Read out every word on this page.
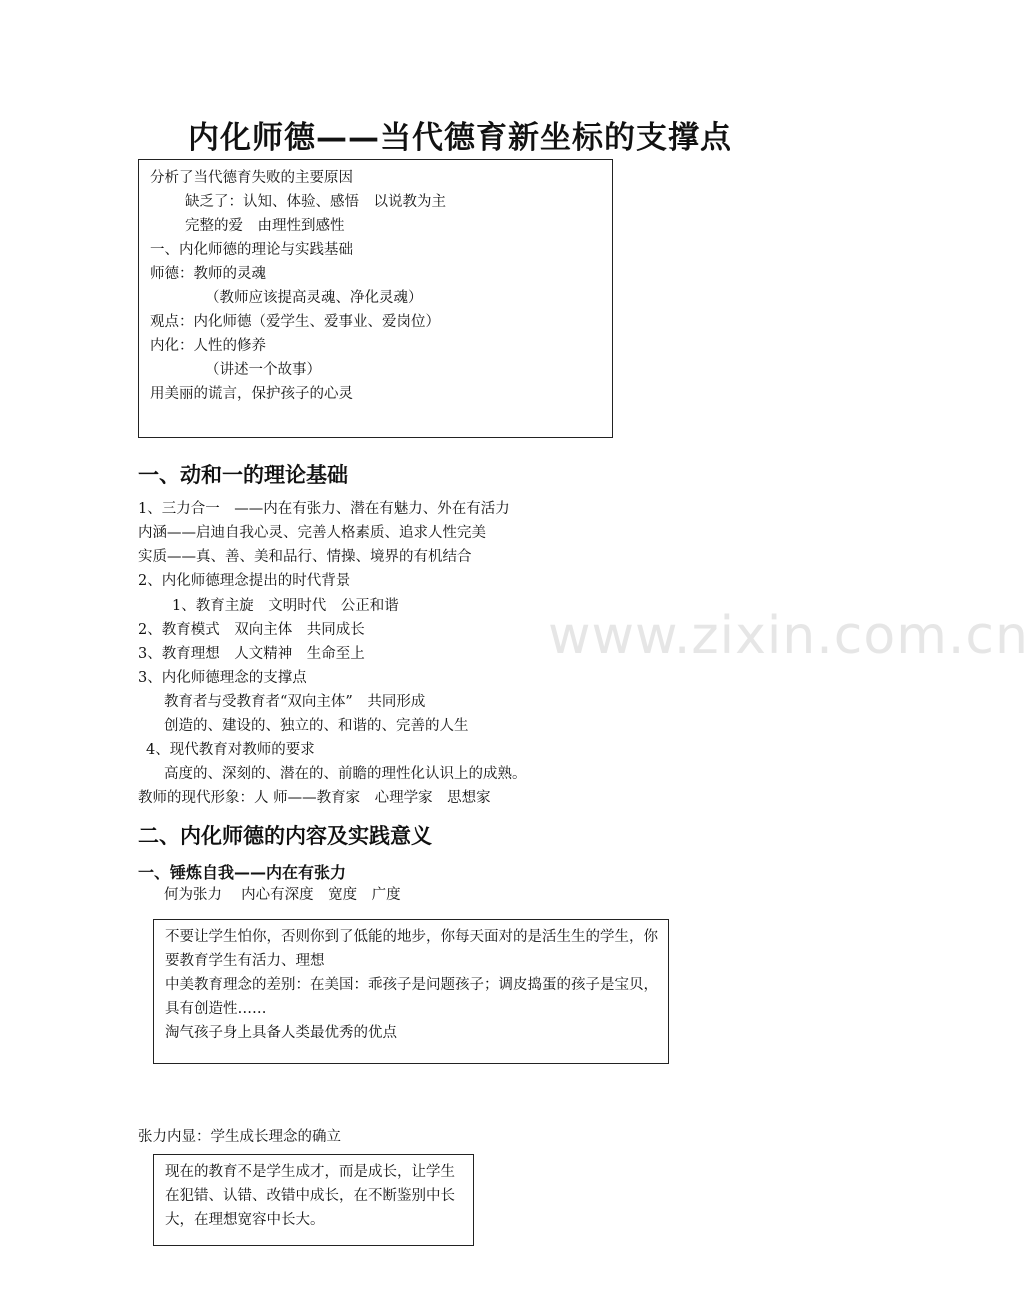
内化师德——当代德育新坐标的支撑点
分析了当代德育失败的主要原因
缺乏了：认知、体验、感悟　以说教为主
完整的爱　由理性到感性
一、内化师德的理论与实践基础
师德：教师的灵魂
（教师应该提高灵魂、净化灵魂）
观点：内化师德（爱学生、爱事业、爱岗位）
内化：人性的修养
（讲述一个故事）
用美丽的谎言，保护孩子的心灵
一、动和一的理论基础
1、三力合一　——内在有张力、潜在有魅力、外在有活力
内涵——启迪自我心灵、完善人格素质、追求人性完美
实质——真、善、美和品行、情操、境界的有机结合
2、内化师德理念提出的时代背景
1、教育主旋　文明时代　公正和谐
2、教育模式　双向主体　共同成长
3、教育理想　人文精神　生命至上
3、内化师德理念的支撑点
教育者与受教育者“双向主体”　共同形成
创造的、建设的、独立的、和谐的、完善的人生
4、现代教育对教师的要求
高度的、深刻的、潜在的、前瞻的理性化认识上的成熟。
教师的现代形象：人 师——教育家　心理学家　思想家
二、内化师德的内容及实践意义
一、锤炼自我——内在有张力
何为张力　 内心有深度　宽度　广度
不要让学生怕你，否则你到了低能的地步，你每天面对的是活生生的学生，你要教育学生有活力、理想
中美教育理念的差别：在美国：乖孩子是问题孩子；调皮捣蛋的孩子是宝贝，具有创造性……
淘气孩子身上具备人类最优秀的优点
张力内显：学生成长理念的确立
现在的教育不是学生成才，而是成长，让学生在犯错、认错、改错中成长，在不断鉴别中长大，在理想宽容中长大。
www.zixin.com.cn
